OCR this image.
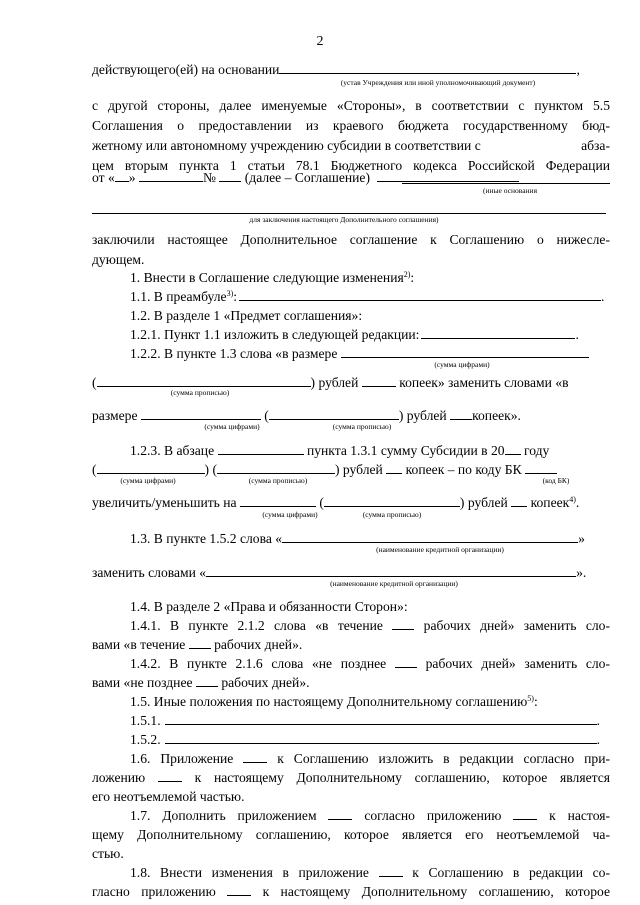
2
действующего(ей) на основании	,
(устав Учреждения или иной уполномочивающий документ)
с другой стороны, далее именуемые «Стороны», в соответствии с пунктом 5.5
Соглашения о предоставлении из краевого бюджета государственному бюд-
жетному или автономному учреждению субсидии в соответствии с	абза-
цем вторым пункта 1 статьи 78.1 Бюджетного кодекса Российской Федерации
от « »	№ (далее – Соглашение)
(иные основания
для заключения настоящего Дополнительного соглашения)
заключили настоящее Дополнительное соглашение к Соглашению о нижесле-
дующем.
1. Внести в Соглашение следующие изменения$^{2)}$:
1.1. В преамбуле$^{3)}$:	.
1.2. В разделе 1 «Предмет соглашения»:
1.2.1. Пункт 1.1 изложить в следующей редакции:	.
1.2.2. В пункте 1.3 слова «в размере
(сумма цифрами)
(	) рублей	копеек» заменить словами «в
(сумма прописью)
размере	(	) рублей копеек».
(сумма цифрами)	(сумма прописью)
1.2.3. В абзаце	пункта 1.3.1 сумму Субсидии в 20 году
(	) (	) рублей копеек – по коду БК
(сумма цифрами)	(сумма прописью)	(код БК)
увеличить/уменьшить на	(	) рублей копеек$^{4)}$.
(сумма цифрами)	(сумма прописью)
1.3. В пункте 1.5.2 слова «	»
(наименование кредитной организации)
заменить словами «	».
(наименование кредитной организации)
1.4. В разделе 2 «Права и обязанности Сторон»:
1.4.1. В пункте 2.1.2 слова «в течение	рабочих дней» заменить сло-
вами «в течение рабочих дней».
1.4.2. В пункте 2.1.6 слова «не позднее	рабочих дней» заменить сло-
вами «не позднее рабочих дней».
1.5. Иные положения по настоящему Дополнительному соглашению$^{5)}$:
1.5.1.	.
1.5.2.	.
1.6. Приложение	к Соглашению изложить в редакции согласно при-
ложению	к настоящему Дополнительному соглашению, которое является
его неотъемлемой частью.
1.7. Дополнить приложением	согласно приложению	к настоя-
щему Дополнительному соглашению, которое является его неотъемлемой ча-
стью.
1.8. Внести изменения в приложение	к Соглашению в редакции со-
гласно приложению	к настоящему Дополнительному соглашению, которое
